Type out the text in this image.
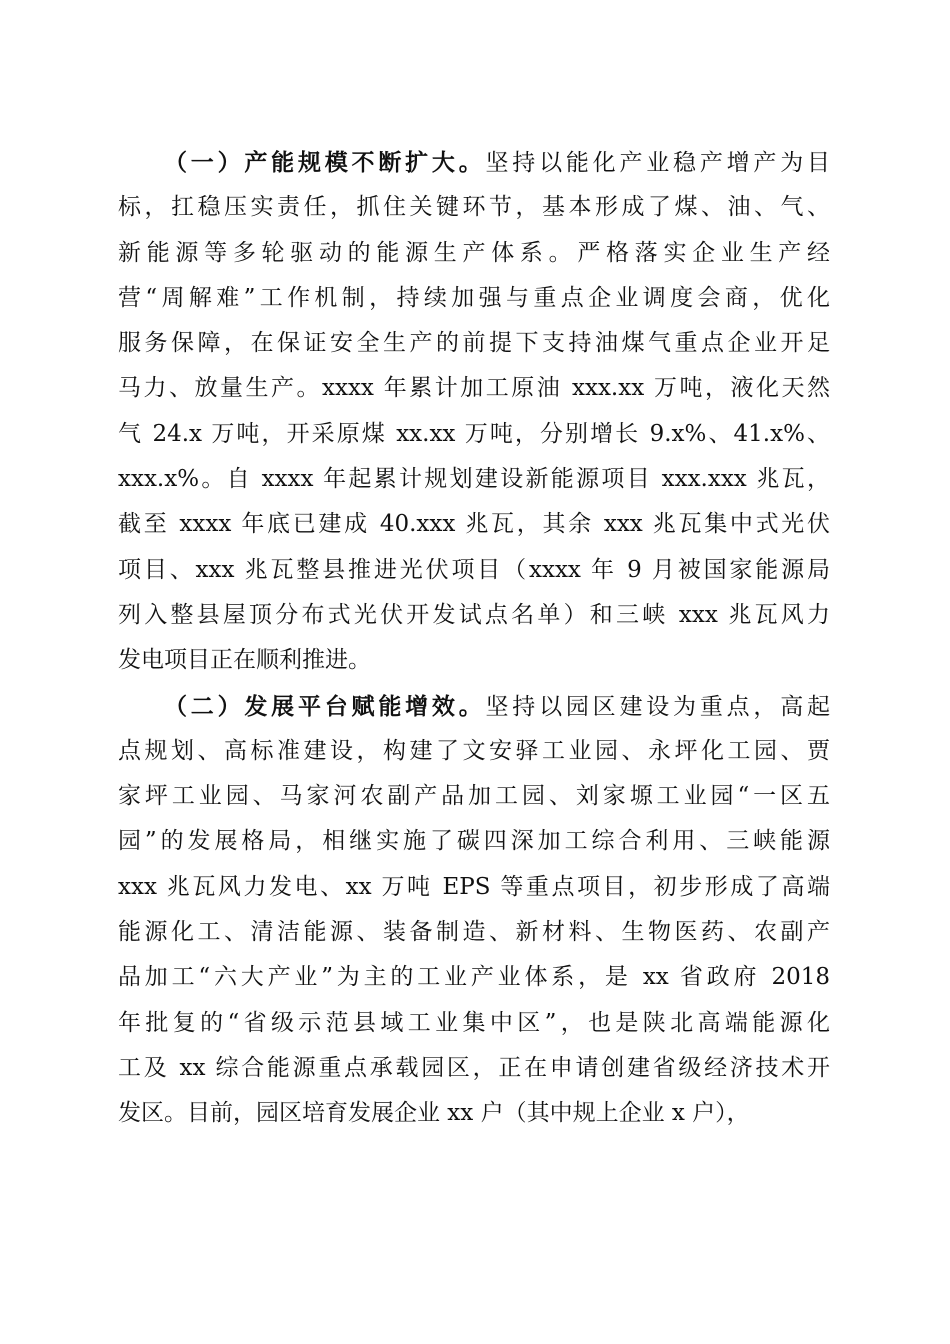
（一）产能规模不断扩大。坚持以能化产业稳产增产为目
标，扛稳压实责任，抓住关键环节，基本形成了煤、油、气、
新能源等多轮驱动的能源生产体系。严格落实企业生产经
营“周解难”工作机制，持续加强与重点企业调度会商，优化
服务保障，在保证安全生产的前提下支持油煤气重点企业开足
马力、放量生产。xxxx 年累计加工原油 xxx.xx 万吨，液化天然
气 24.x 万吨，开采原煤 xx.xx 万吨，分别增长 9.x%、41.x%、
xxx.x%。自 xxxx 年起累计规划建设新能源项目 xxx.xxx 兆瓦，
截至 xxxx 年底已建成 40.xxx 兆瓦，其余 xxx 兆瓦集中式光伏
项目、xxx 兆瓦整县推进光伏项目（xxxx 年 9 月被国家能源局
列入整县屋顶分布式光伏开发试点名单）和三峡 xxx 兆瓦风力
发电项目正在顺利推进。
（二）发展平台赋能增效。坚持以园区建设为重点，高起
点规划、高标准建设，构建了文安驿工业园、永坪化工园、贾
家坪工业园、马家河农副产品加工园、刘家塬工业园“一区五
园”的发展格局，相继实施了碳四深加工综合利用、三峡能源
xxx 兆瓦风力发电、xx 万吨 EPS 等重点项目，初步形成了高端
能源化工、清洁能源、装备制造、新材料、生物医药、农副产
品加工“六大产业”为主的工业产业体系，是 xx 省政府 2018
年批复的“省级示范县域工业集中区”，也是陕北高端能源化
工及 xx 综合能源重点承载园区，正在申请创建省级经济技术开
发区。目前，园区培育发展企业 xx 户（其中规上企业 x 户），
